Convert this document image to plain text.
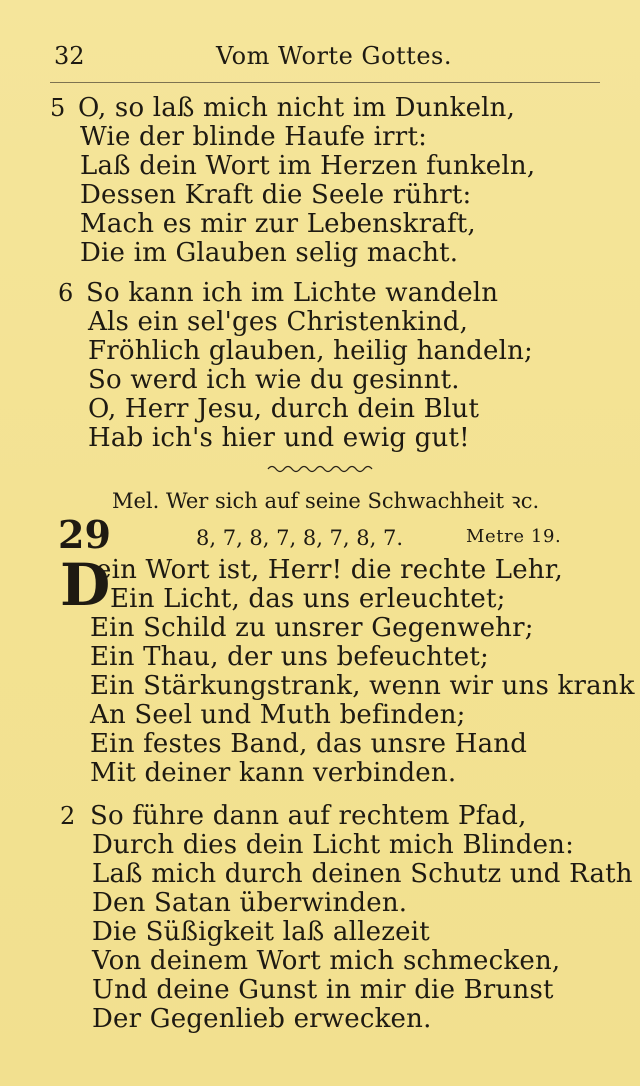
32	Vom Worte Gottes.
5 O, so laß mich nicht im Dunkeln,
Wie der blinde Haufe irrt:
Laß dein Wort im Herzen funkeln,
Dessen Kraft die Seele rührt:
Mach es mir zur Lebenskraft,
Die im Glauben selig macht.
6 So kann ich im Lichte wandeln
Als ein sel'ges Christenkind,
Fröhlich glauben, heilig handeln;
So werd ich wie du gesinnt.
O, Herr Jesu, durch dein Blut
Hab ich's hier und ewig gut!
Mel. Wer sich auf seine Schwachheit ꝛc.
29	8, 7, 8, 7, 8, 7, 8, 7.	Metre 19.
D
ein Wort ist, Herr! die rechte Lehr,
Ein Licht, das uns erleuchtet;
Ein Schild zu unsrer Gegenwehr;
Ein Thau, der uns befeuchtet;
Ein Stärkungstrank, wenn wir uns krank
An Seel und Muth befinden;
Ein festes Band, das unsre Hand
Mit deiner kann verbinden.
2 So führe dann auf rechtem Pfad,
Durch dies dein Licht mich Blinden:
Laß mich durch deinen Schutz und Rath
Den Satan überwinden.
Die Süßigkeit laß allezeit
Von deinem Wort mich schmecken,
Und deine Gunst in mir die Brunst
Der Gegenlieb erwecken.
